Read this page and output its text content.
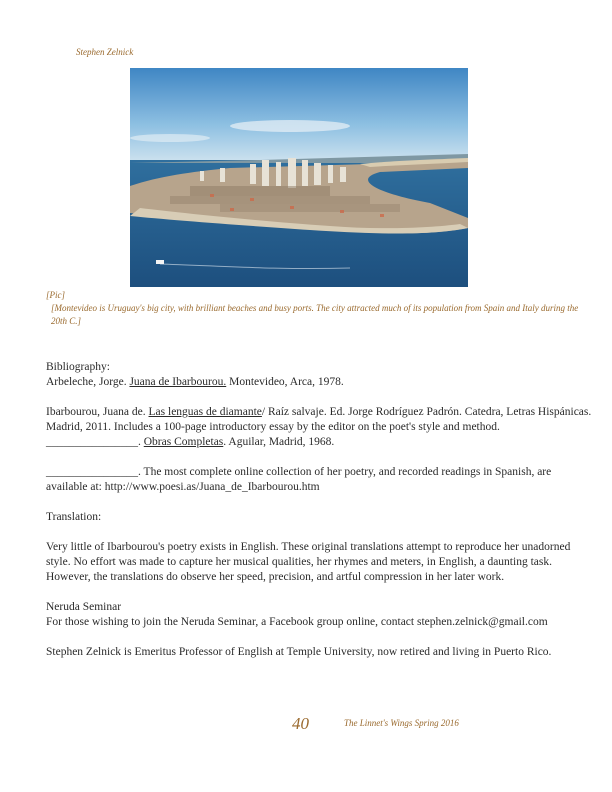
Stephen Zelnick
[Pic]
[Montevideo is Uruguay's big city, with brilliant beaches and busy ports. The city attracted much of its population from Spain and Italy during the 20th C.]

Bibliography:

Arbeleche, Jorge. Juana de Ibarbourou. Montevideo, Arca, 1978.

Ibarbourou, Juana de. Las lenguas de diamante/ Raíz salvaje. Ed. Jorge Rodríguez Padrón. Catedra, Letras Hispánicas. Madrid, 2011. Includes a 100-page introductory essay by the editor on the poet's style and method.

________________. Obras Completas. Aguilar, Madrid, 1968.

________________. The most complete online collection of her poetry, and recorded readings in Spanish, are available at: http://www.poesi.as/Juana_de_Ibarbourou.htm

Translation:

Very little of Ibarbourou's poetry exists in English. These original translations attempt to reproduce her unadorned style. No effort was made to capture her musical qualities, her rhymes and meters, in English, a daunting task. However, the translations do observe her speed, precision, and artful compression in her later work.

Neruda Seminar

For those wishing to join the Neruda Seminar, a Facebook group online, contact stephen.zelnick@gmail.com

Stephen Zelnick is Emeritus Professor of English at Temple University, now retired and living in Puerto Rico.

40	The Linnet's Wings Spring 2016
